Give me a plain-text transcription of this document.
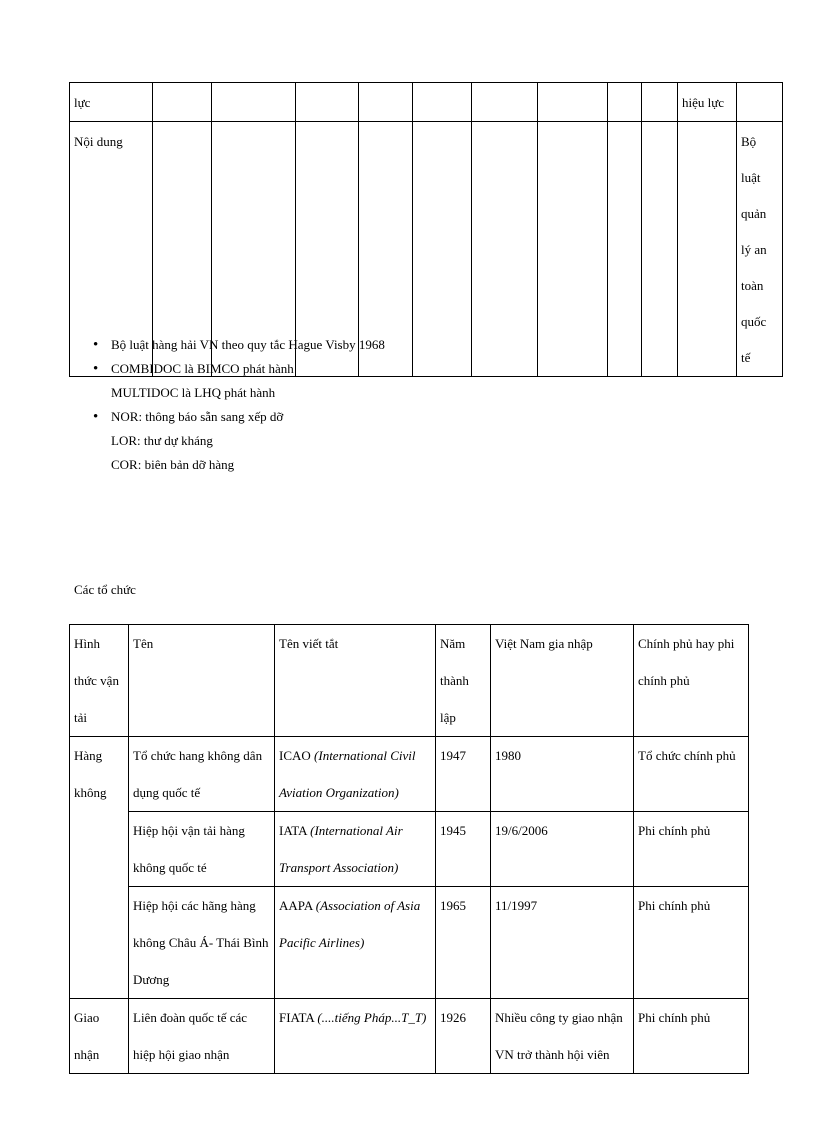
lực										hiệu lực	
Nội dung											Bộ luật
quản
lý an
toàn
quốc tế
• Bộ luật hàng hải VN theo quy tắc Hague Visby 1968
• COMBIDOC là BIMCO phát hành
MULTIDOC là LHQ phát hành
• NOR: thông báo sẵn sang xếp dỡ
LOR: thư dự kháng
COR: biên bản dỡ hàng
Các tổ chức
Hình thức vận tải	Tên	Tên viết tắt	Năm thành lập	Việt Nam gia nhập	Chính phủ hay phi chính phủ
Hàng không	Tổ chức hang không dân dụng quốc tế	ICAO (International Civil Aviation Organization)	1947	1980	Tổ chức chính phủ
	Hiệp hội vận tải hàng không quốc té	IATA (International Air Transport Association)	1945	19/6/2006	Phi chính phủ
	Hiệp hội các hãng hàng không Châu Á- Thái Bình Dương	AAPA (Association of Asia Pacific Airlines)	1965	11/1997	Phi chính phủ
Giao nhận	Liên đoàn quốc tế các hiệp hội giao nhận	FIATA (....tiếng Pháp...T_T)	1926	Nhiều công ty giao nhận VN trở thành hội viên	Phi chính phủ
